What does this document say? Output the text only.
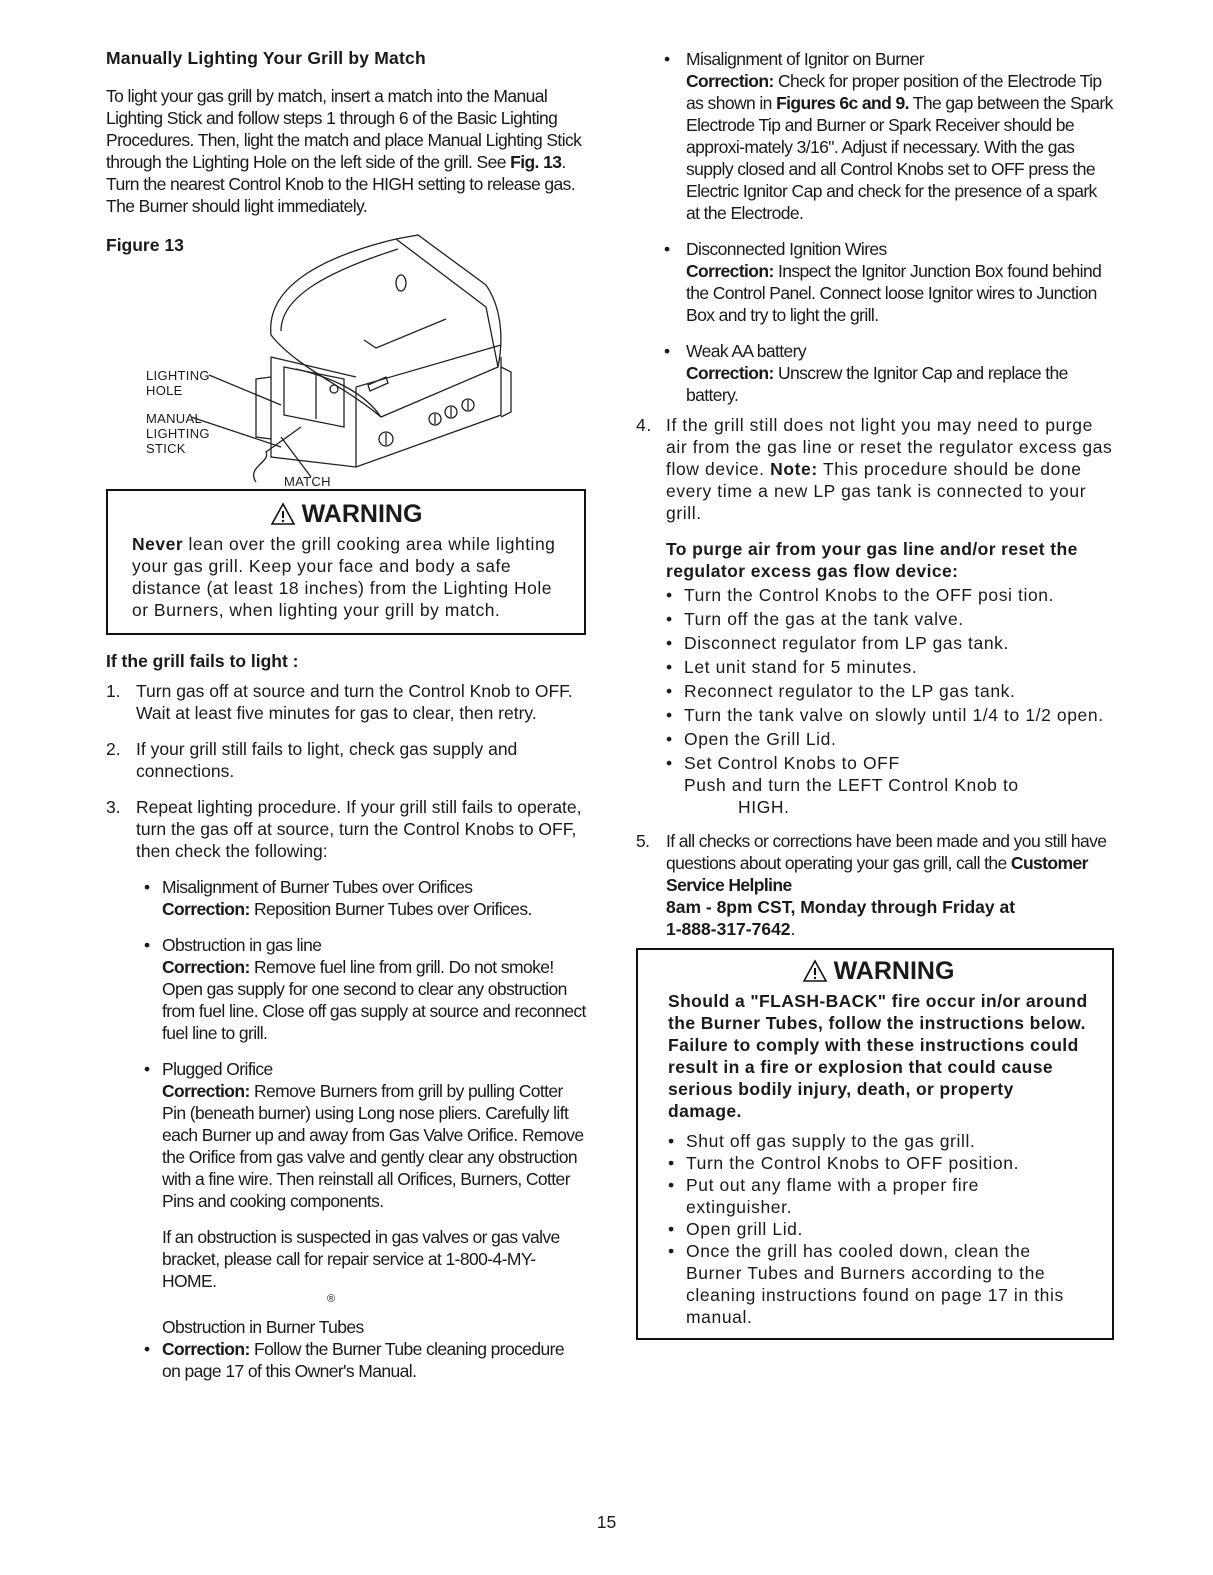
Manually Lighting Your Grill by Match

To light your gas grill by match, insert a match into the Manual Lighting Stick and follow steps 1 through 6 of the Basic Lighting Procedures. Then, light the match and place Manual Lighting Stick through the Lighting Hole on the left side of the grill. See Fig. 13. Turn the nearest Control Knob to the HIGH setting to release gas. The Burner should light immediately.

Figure 13
LIGHTING
HOLE
MANUAL
LIGHTING
STICK
MATCH
WARNING

Never lean over the grill cooking area while lighting your gas grill. Keep your face and body a safe distance (at least 18 inches) from the Lighting Hole or Burners, when lighting your grill by match.

If the grill fails to light :

1. Turn gas off at source and turn the Control Knob to OFF. Wait at least five minutes for gas to clear, then retry.
2. If your grill still fails to light, check gas supply and connections.
3. Repeat lighting procedure. If your grill still fails to operate, turn the gas off at source, turn the Control Knobs to OFF, then check the following:
• Misalignment of Burner Tubes over Orifices
Correction: Reposition Burner Tubes over Orifices.
• Obstruction in gas line
Correction: Remove fuel line from grill. Do not smoke! Open gas supply for one second to clear any obstruction from fuel line. Close off gas supply at source and reconnect fuel line to grill.
• Plugged Orifice
Correction: Remove Burners from grill by pulling Cotter Pin (beneath burner) using Long nose pliers. Carefully lift each Burner up and away from Gas Valve Orifice. Remove the Orifice from gas valve and gently clear any obstruction with a fine wire. Then reinstall all Orifices, Burners, Cotter Pins and cooking components.
If an obstruction is suspected in gas valves or gas valve bracket, please call for repair service at 1-800-4-MY-HOME.
®
Obstruction in Burner Tubes
• Correction: Follow the Burner Tube cleaning procedure on page 17 of this Owner's Manual.
• Misalignment of Ignitor on Burner
Correction: Check for proper position of the Electrode Tip as shown in Figures 6c and 9. The gap between the Spark Electrode Tip and Burner or Spark Receiver should be approxi-mately 3/16". Adjust if necessary. With the gas supply closed and all Control Knobs set to OFF press the Electric Ignitor Cap and check for the presence of a spark at the Electrode.
• Disconnected Ignition Wires
Correction: Inspect the Ignitor Junction Box found behind the Control Panel. Connect loose Ignitor wires to Junction Box and try to light the grill.
• Weak AA battery
Correction: Unscrew the Ignitor Cap and replace the battery.
4. If the grill still does not light you may need to purge air from the gas line or reset the regulator excess gas flow device. Note: This procedure should be done every time a new LP gas tank is connected to your grill.

To purge air from your gas line and/or reset the regulator excess gas flow device:

• Turn the Control Knobs to the OFF posi tion.
• Turn off the gas at the tank valve.
• Disconnect regulator from LP gas tank.
• Let unit stand for 5 minutes.
• Reconnect regulator to the LP gas tank.
• Turn the tank valve on slowly until 1/4 to 1/2 open.
• Open the Grill Lid.
• Set Control Knobs to OFF
Push and turn the LEFT Control Knob to
HIGH.
5. If all checks or corrections have been made and you still have questions about operating your gas grill, call the Customer Service Helpline
8am - 8pm CST, Monday through Friday at
1-888-317-7642.
WARNING

Should a "FLASH-BACK" fire occur in/or around the Burner Tubes, follow the instructions below. Failure to comply with these instructions could result in a fire or explosion that could cause serious bodily injury, death, or property damage.

• Shut off gas supply to the gas grill.
• Turn the Control Knobs to OFF position.
• Put out any flame with a proper fire extinguisher.
• Open grill Lid.
• Once the grill has cooled down, clean the Burner Tubes and Burners according to the cleaning instructions found on page 17 in this manual.
15
